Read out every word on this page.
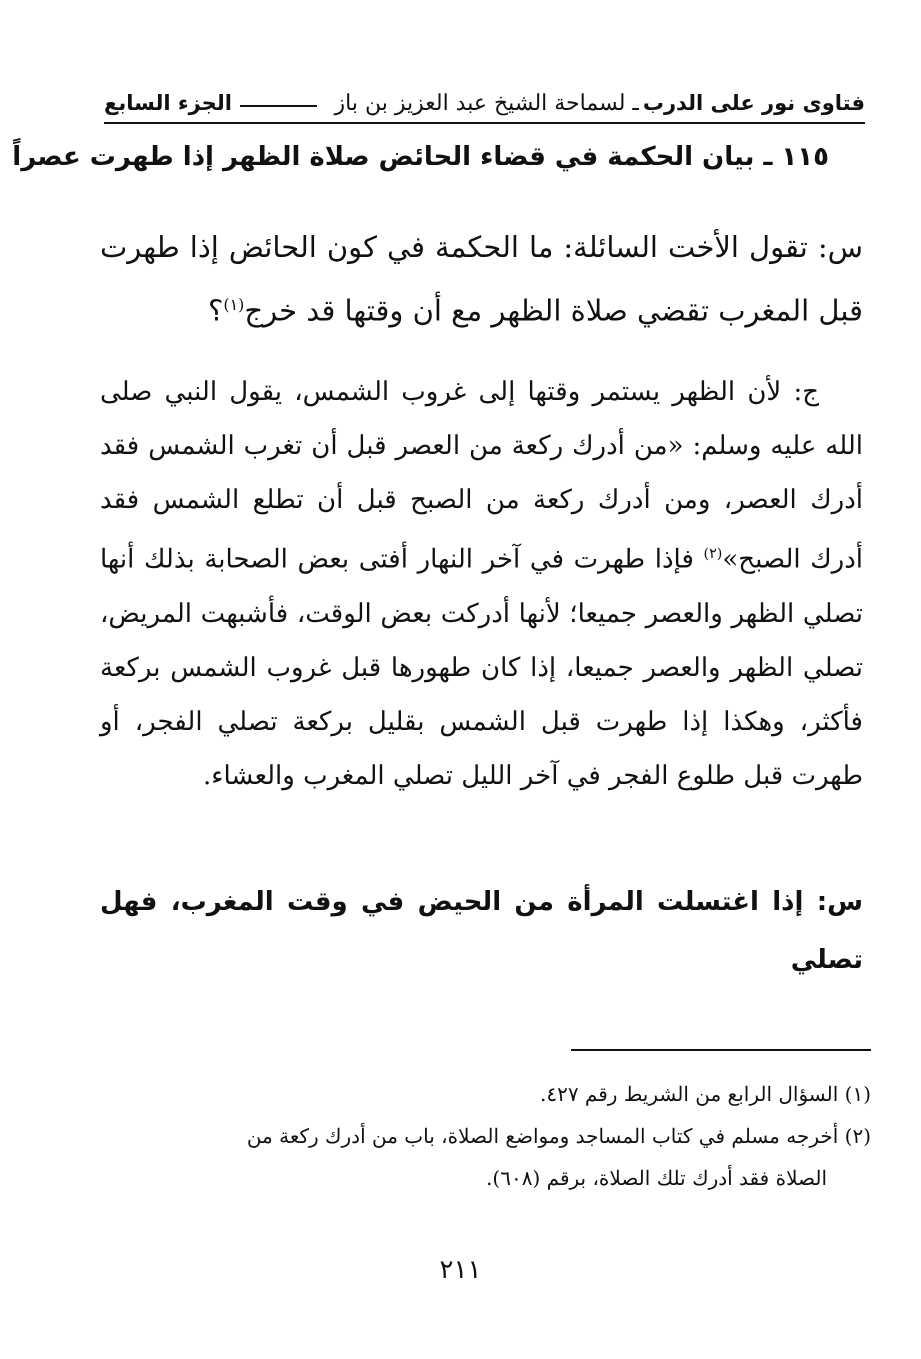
فتاوى نور على الدرب
ـ لسماحة الشيخ عبد العزيز بن باز
الجزء السابع
١١٥ ـ بيان الحكمة في قضاء الحائض صلاة الظهر إذا طهرت عصراً
س: تقول الأخت السائلة: ما الحكمة في كون الحائض إذا طهرت قبل المغرب تقضي صلاة الظهر مع أن وقتها قد خرج$^{(١)}$؟
ج: لأن الظهر يستمر وقتها إلى غروب الشمس، يقول النبي صلى الله عليه وسلم: «من أدرك ركعة من العصر قبل أن تغرب الشمس فقد أدرك العصر، ومن أدرك ركعة من الصبح قبل أن تطلع الشمس فقد أدرك الصبح»$^{(٢)}$ فإذا طهرت في آخر النهار أفتى بعض الصحابة بذلك أنها تصلي الظهر والعصر جميعا؛ لأنها أدركت بعض الوقت، فأشبهت المريض، تصلي الظهر والعصر جميعا، إذا كان طهورها قبل غروب الشمس بركعة فأكثر، وهكذا إذا طهرت قبل الشمس بقليل بركعة تصلي الفجر، أو طهرت قبل طلوع الفجر في آخر الليل تصلي المغرب والعشاء.
س: إذا اغتسلت المرأة من الحيض في وقت المغرب، فهل تصلي
(١) السؤال الرابع من الشريط رقم ٤٢٧.
(٢) أخرجه مسلم في كتاب المساجد ومواضع الصلاة، باب من أدرك ركعة من
الصلاة فقد أدرك تلك الصلاة، برقم (٦٠٨).
٢١١
